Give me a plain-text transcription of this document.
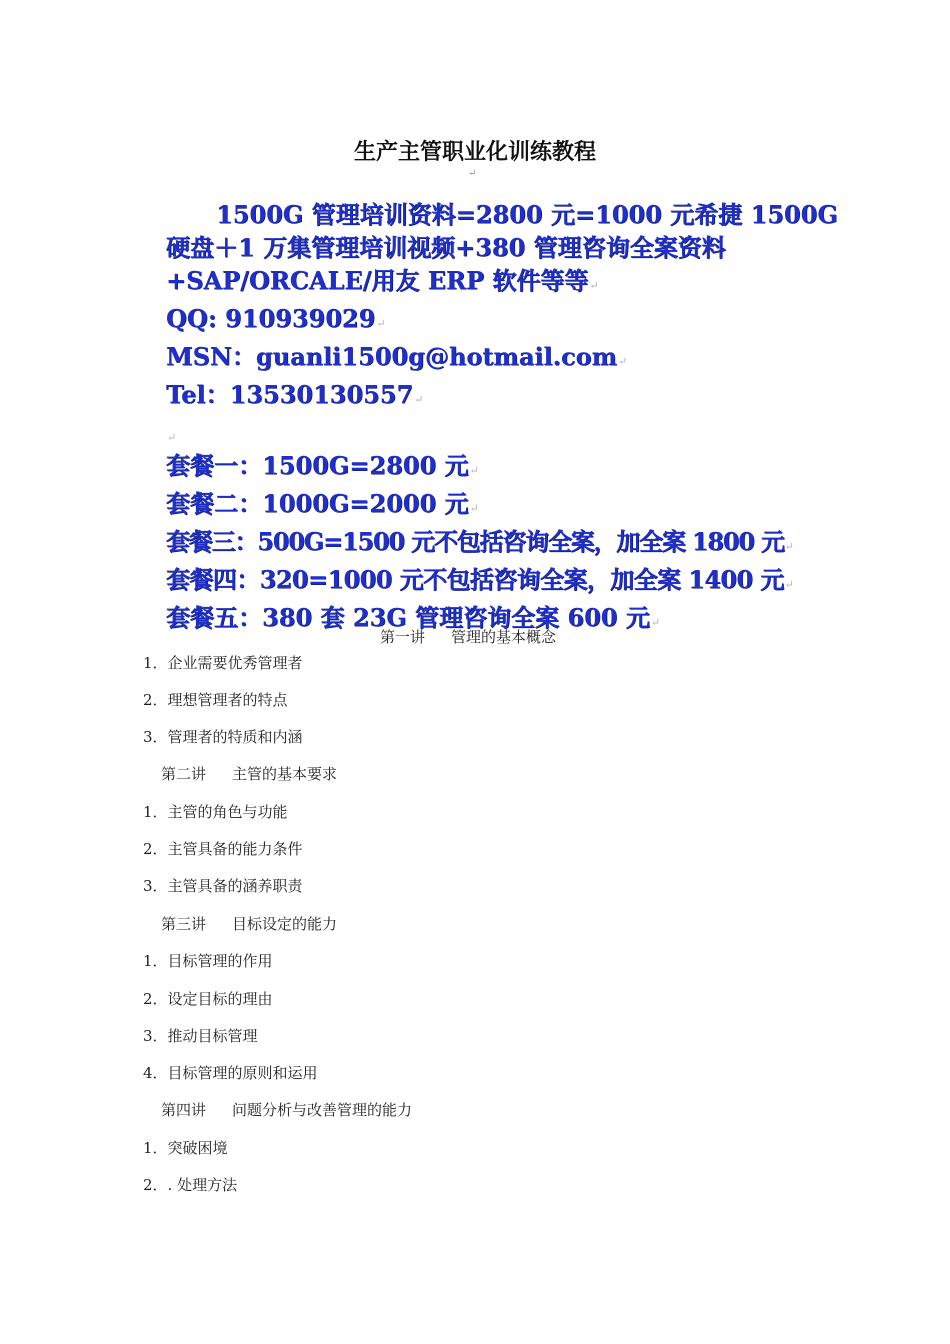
生产主管职业化训练教程
↵

1500G 管理培训资料=2800 元=1000 元希捷 1500G

硬盘＋1 万集管理培训视频+380 管理咨询全案资料

+SAP/ORCALE/用友 ERP 软件等等↵

QQ: 910939029↵

MSN：guanli1500g@hotmail.com↵

Tel：13530130557↵

↵

套餐一：1500G=2800 元↵

套餐二：1000G=2000 元↵

套餐三：500G=1500 元不包括咨询全案，加全案 1800 元↵

套餐四：320=1000 元不包括咨询全案，加全案 1400 元↵

套餐五：380 套 23G 管理咨询全案 600 元↵

第一讲 管理的基本概念
1．企业需要优秀管理者
2．理想管理者的特点
3．管理者的特质和内涵
第二讲 主管的基本要求
1．主管的角色与功能
2．主管具备的能力条件
3．主管具备的涵养职责
第三讲 目标设定的能力
1．目标管理的作用
2．设定目标的理由
3．推动目标管理
4．目标管理的原则和运用
第四讲 问题分析与改善管理的能力
1．突破困境
2．. 处理方法
